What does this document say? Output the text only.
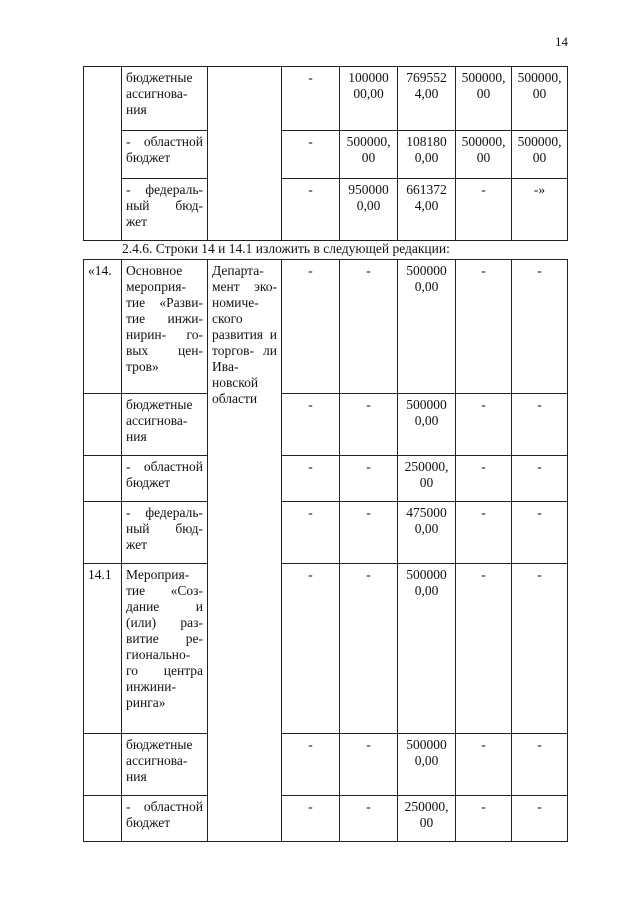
14
	бюджетные ассигнова- ния		-	100000 00,00	769552 4,00	500000, 00	500000, 00
	- областной бюджет		-	500000, 00	108180 0,00	500000, 00	500000, 00
	- федераль- ный бюд- жет		-	950000 0,00	661372 4,00	-	-»
2.4.6. Строки 14 и 14.1 изложить в следующей редакции:
«14.	Основное мероприя- тие «Разви- тие инжи- нирин- го- вых цен- тров»	Департа- мент эко- номиче- ского развития и торгов- ли Ива- новской области	-	-	500000 0,00	-	-
	бюджетные ассигнова- ния		-	-	500000 0,00	-	-
	- областной бюджет		-	-	250000, 00	-	-
	- федераль- ный бюд- жет		-	-	475000 0,00	-	-
14.1	Мероприя- тие «Соз- дание и (или) раз- витие ре- гионально- го центра инжини- ринга»		-	-	500000 0,00	-	-
	бюджетные ассигнова- ния		-	-	500000 0,00	-	-
	- областной бюджет		-	-	250000, 00	-	-
